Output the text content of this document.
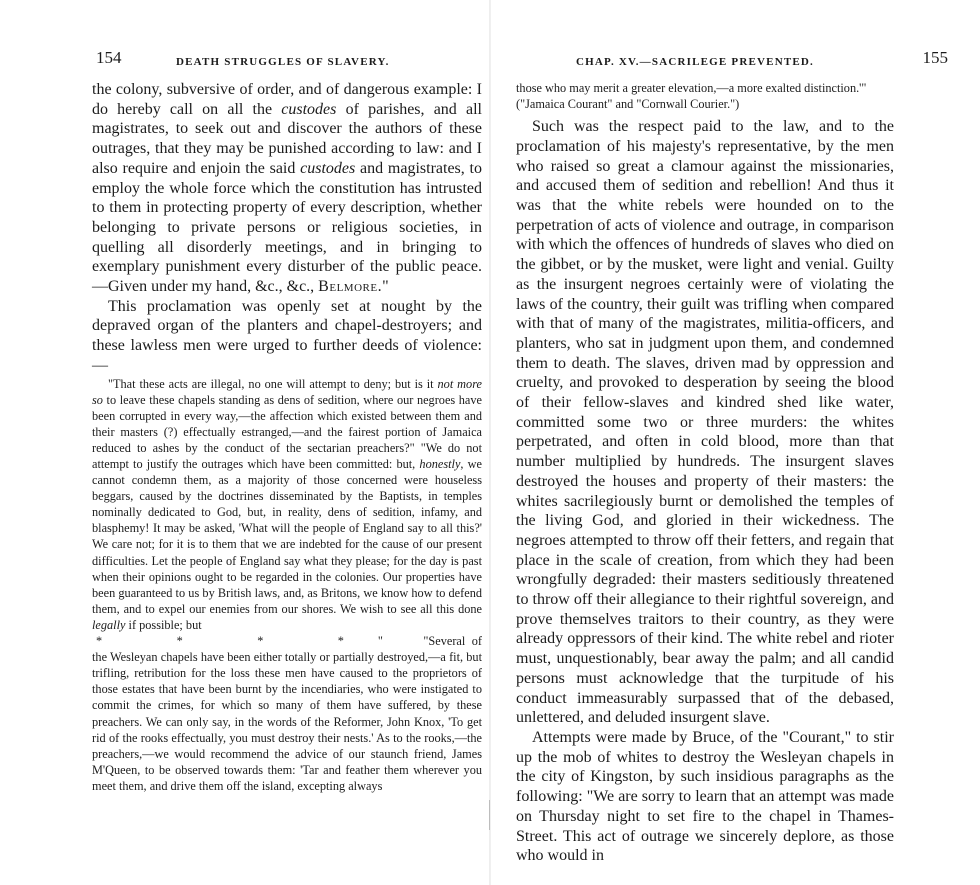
154	DEATH STRUGGLES OF SLAVERY.

the colony, subversive of order, and of dangerous example: I do hereby call on all the custodes of parishes, and all magistrates, to seek out and discover the authors of these outrages, that they may be punished according to law: and I also require and enjoin the said custodes and magistrates, to employ the whole force which the constitution has intrusted to them in protecting property of every description, whether belonging to private persons or religious societies, in quelling all disorderly meetings, and in bringing to exemplary punishment every disturber of the public peace.—Given under my hand, &c., &c., Belmore."

This proclamation was openly set at nought by the depraved organ of the planters and chapel-destroyers; and these lawless men were urged to further deeds of violence:—

"That these acts are illegal, no one will attempt to deny; but is it not more so to leave these chapels standing as dens of sedition, where our negroes have been corrupted in every way,—the affection which existed between them and their masters (?) effectually estranged,—and the fairest portion of Jamaica reduced to ashes by the conduct of the sectarian preachers?" "We do not attempt to justify the outrages which have been committed: but, honestly, we cannot condemn them, as a majority of those concerned were houseless beggars, caused by the doctrines disseminated by the Baptists, in temples nominally dedicated to God, but, in reality, dens of sedition, infamy, and blasphemy! It may be asked, 'What will the people of England say to all this?' We care not; for it is to them that we are indebted for the cause of our present difficulties. Let the people of England say what they please; for the day is past when their opinions ought to be regarded in the colonies. Our properties have been guaranteed to us by British laws, and, as Britons, we know how to defend them, and to expel our enemies from our shores. We wish to see all this done legally if possible; but

* * * *" "Several of the Wesleyan chapels have been either totally or partially destroyed,—a fit, but trifling, retribution for the loss these men have caused to the proprietors of those estates that have been burnt by the incendiaries, who were instigated to commit the crimes, for which so many of them have suffered, by these preachers. We can only say, in the words of the Reformer, John Knox, 'To get rid of the rooks effectually, you must destroy their nests.' As to the rooks,—the preachers,—we would recommend the advice of our staunch friend, James M'Queen, to be observed towards them: 'Tar and feather them wherever you meet them, and drive them off the island, excepting always

CHAP. XV.—SACRILEGE PREVENTED.	155

those who may merit a greater elevation,—a more exalted distinction.'"

("Jamaica Courant" and "Cornwall Courier.")

Such was the respect paid to the law, and to the proclamation of his majesty's representative, by the men who raised so great a clamour against the missionaries, and accused them of sedition and rebellion! And thus it was that the white rebels were hounded on to the perpetration of acts of violence and outrage, in comparison with which the offences of hundreds of slaves who died on the gibbet, or by the musket, were light and venial. Guilty as the insurgent negroes certainly were of violating the laws of the country, their guilt was trifling when compared with that of many of the magistrates, militia-officers, and planters, who sat in judgment upon them, and condemned them to death. The slaves, driven mad by oppression and cruelty, and provoked to desperation by seeing the blood of their fellow-slaves and kindred shed like water, committed some two or three murders: the whites perpetrated, and often in cold blood, more than that number multiplied by hundreds. The insurgent slaves destroyed the houses and property of their masters: the whites sacrilegiously burnt or demolished the temples of the living God, and gloried in their wickedness. The negroes attempted to throw off their fetters, and regain that place in the scale of creation, from which they had been wrongfully degraded: their masters seditiously threatened to throw off their allegiance to their rightful sovereign, and prove themselves traitors to their country, as they were already oppressors of their kind. The white rebel and rioter must, unquestionably, bear away the palm; and all candid persons must acknowledge that the turpitude of his conduct immeasurably surpassed that of the debased, unlettered, and deluded insurgent slave.

Attempts were made by Bruce, of the "Courant," to stir up the mob of whites to destroy the Wesleyan chapels in the city of Kingston, by such insidious paragraphs as the following: "We are sorry to learn that an attempt was made on Thursday night to set fire to the chapel in Thames-Street. This act of outrage we sincerely deplore, as those who would in
